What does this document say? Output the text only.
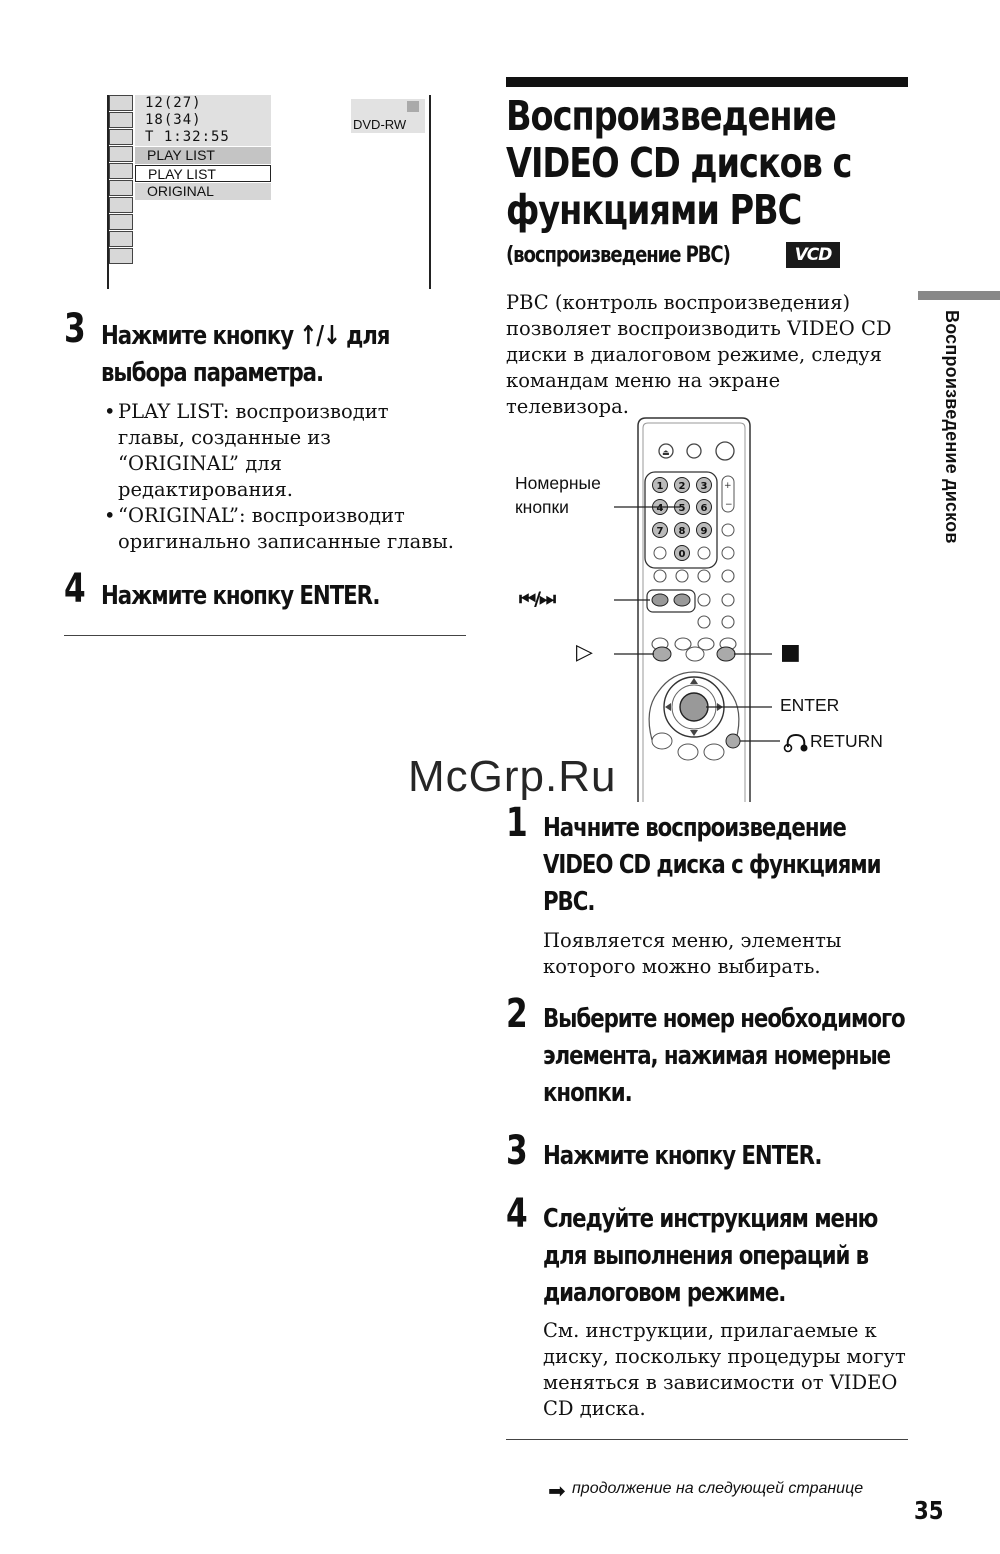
12(27)
18(34)
T 1:32:55
PLAY LIST
PLAY LIST
ORIGINAL
DVD-RW
3 Нажмите кнопку ↑/↓ для
выбора параметра.
• PLAY LIST: воспроизводит
главы, созданные из
“ORIGINAL” для
редактирования.
• “ORIGINAL”: воспроизводит
оригинально записанные главы.
4 Нажмите кнопку ENTER.
Воспроизведение
VIDEO CD дисков с
функциями PBC
(воспроизведение PBC)	VCD
PBC (контроль воспроизведения)
позволяет воспроизводить VIDEO CD
диски в диалоговом режиме, следуя
командам меню на экране телевизора.
⏏
1 2 3
4 5 6
7 8 9
0
+
−
Номерные
кнопки
⏮/⏭
▷	■
ENTER
RETURN
McGrp.Ru
1 Начните воспроизведение
VIDEO CD диска с функциями
PBC.
Появляется меню, элементы
которого можно выбирать.
2 Выберите номер необходимого
элемента, нажимая номерные
кнопки.
3 Нажмите кнопку ENTER.
4 Следуйте инструкциям меню
для выполнения операций в
диалоговом режиме.
См. инструкции, прилагаемые к
диску, поскольку процедуры могут
меняться в зависимости от VIDEO
CD диска.
➡ продолжение на следующей странице
35
Воспроизведение дисков
